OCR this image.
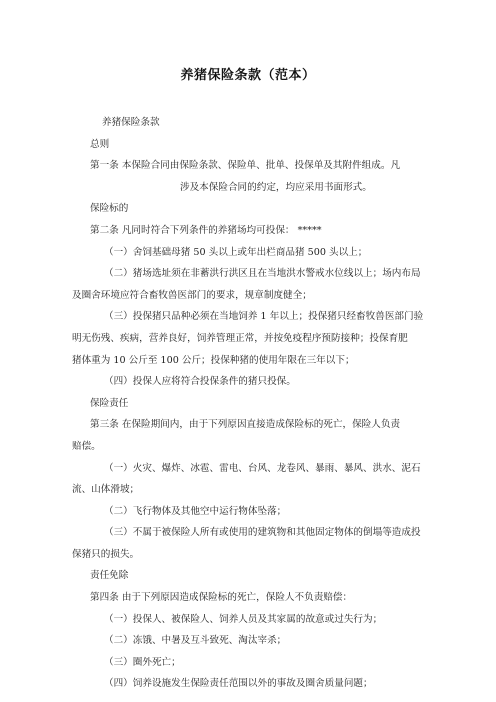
养猪保险条款（范本）
养猪保险条款
总则
第一条 本保险合同由保险条款、保险单、批单、投保单及其附件组成。凡
涉及本保险合同的约定，均应采用书面形式。
保险标的
第二条 凡同时符合下列条件的养猪场均可投保： *****
（一）舍饲基础母猪 50 头以上或年出栏商品猪 500 头以上；
（二）猪场选址须在非蓄洪行洪区且在当地洪水警戒水位线以上；场内布局
及圈舍环境应符合畜牧兽医部门的要求，规章制度健全；
（三）投保猪只品种必须在当地饲养 1 年以上；投保猪只经畜牧兽医部门验
明无伤残、疾病，营养良好，饲养管理正常，并按免疫程序预防接种；投保育肥
猪体重为 10 公斤至 100 公斤；投保种猪的使用年限在三年以下；
（四）投保人应将符合投保条件的猪只投保。
保险责任
第三条 在保险期间内，由于下列原因直接造成保险标的死亡，保险人负责
赔偿。
（一）火灾、爆炸、冰雹、雷电、台风、龙卷风、暴雨、暴风、洪水、泥石
流、山体滑坡；
（二）飞行物体及其他空中运行物体坠落；
（三）不属于被保险人所有或使用的建筑物和其他固定物体的倒塌等造成投
保猪只的损失。
责任免除
第四条 由于下列原因造成保险标的死亡，保险人不负责赔偿：
（一）投保人、被保险人、饲养人员及其家属的故意或过失行为；
（二）冻饿、中暑及互斗致死、淘汰宰杀；
（三）圈外死亡；
（四）饲养设施发生保险责任范围以外的事故及圈舍质量问题；
